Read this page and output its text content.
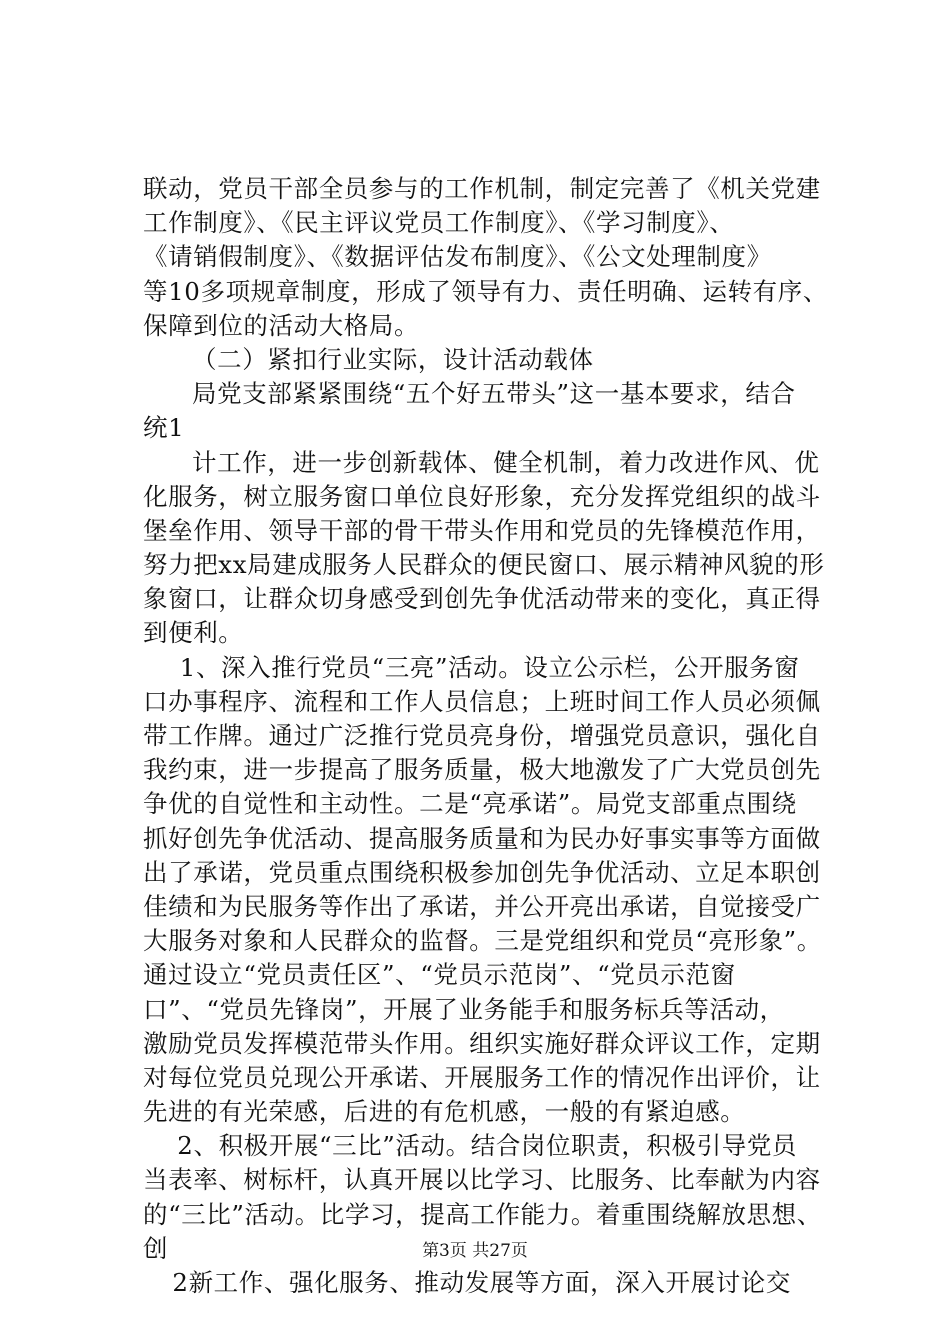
联动，党员干部全员参与的工作机制，制定完善了《机关党建
工作制度》、《民主评议党员工作制度》、《学习制度》、
《请销假制度》、《数据评估发布制度》、《公文处理制度》
等10多项规章制度，形成了领导有力、责任明确、运转有序、
保障到位的活动大格局。
（二）紧扣行业实际，设计活动载体
局党支部紧紧围绕“五个好五带头”这一基本要求，结合
统1
计工作，进一步创新载体、健全机制，着力改进作风、优
化服务，树立服务窗口单位良好形象，充分发挥党组织的战斗
堡垒作用、领导干部的骨干带头作用和党员的先锋模范作用，
努力把xx局建成服务人民群众的便民窗口、展示精神风貌的形
象窗口，让群众切身感受到创先争优活动带来的变化，真正得
到便利。
1、深入推行党员“三亮”活动。设立公示栏，公开服务窗
口办事程序、流程和工作人员信息；上班时间工作人员必须佩
带工作牌。通过广泛推行党员亮身份，增强党员意识，强化自
我约束，进一步提高了服务质量，极大地激发了广大党员创先
争优的自觉性和主动性。二是“亮承诺”。局党支部重点围绕
抓好创先争优活动、提高服务质量和为民办好事实事等方面做
出了承诺，党员重点围绕积极参加创先争优活动、立足本职创
佳绩和为民服务等作出了承诺，并公开亮出承诺，自觉接受广
大服务对象和人民群众的监督。三是党组织和党员“亮形象”。
通过设立“党员责任区”、“党员示范岗”、“党员示范窗
口”、“党员先锋岗”，开展了业务能手和服务标兵等活动，
激励党员发挥模范带头作用。组织实施好群众评议工作，定期
对每位党员兑现公开承诺、开展服务工作的情况作出评价，让
先进的有光荣感，后进的有危机感，一般的有紧迫感。
2、积极开展“三比”活动。结合岗位职责，积极引导党员
当表率、树标杆，认真开展以比学习、比服务、比奉献为内容
的“三比”活动。比学习，提高工作能力。着重围绕解放思想、
创
2新工作、强化服务、推动发展等方面，深入开展讨论交
第3页 共27页
